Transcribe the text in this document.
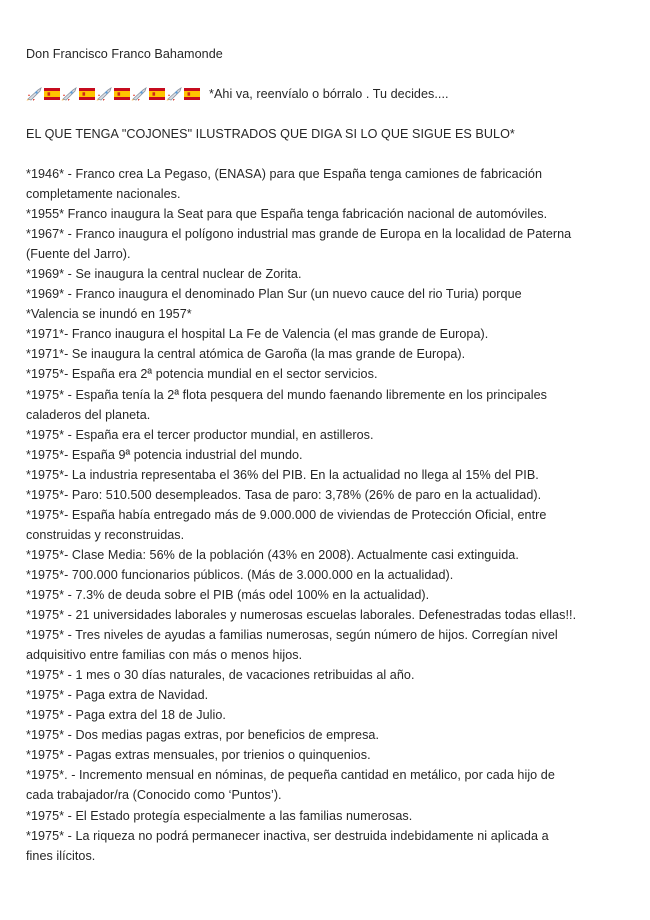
Don Francisco Franco Bahamonde
*Ahi va, reenvíalo o bórralo . Tu decides....
EL QUE TENGA "COJONES" ILUSTRADOS QUE DIGA SI LO QUE SIGUE ES BULO*
*1946* - Franco crea La Pegaso, (ENASA) para que España tenga camiones de fabricación
completamente nacionales.
*1955* Franco inaugura la Seat para que España tenga fabricación nacional de automóviles.
*1967* - Franco inaugura el polígono industrial mas grande de Europa en la localidad de Paterna
(Fuente del Jarro).
*1969* - Se inaugura la central nuclear de Zorita.
*1969* - Franco inaugura el denominado Plan Sur (un nuevo cauce del rio Turia) porque
*Valencia se inundó en 1957*
*1971*- Franco inaugura el hospital La Fe de Valencia (el mas grande de Europa).
*1971*- Se inaugura la central atómica de Garoña (la mas grande de Europa).
*1975*- España era 2ª potencia mundial en el sector servicios.
*1975* - España tenía la 2ª flota pesquera del mundo faenando libremente en los principales
caladeros del planeta.
*1975* - España era el tercer productor mundial, en astilleros.
*1975*- España 9ª potencia industrial del mundo.
*1975*- La industria representaba el 36% del PIB. En la actualidad no llega al 15% del PIB.
*1975*- Paro: 510.500 desempleados. Tasa de paro: 3,78% (26% de paro en la actualidad).
*1975*- España había entregado más de 9.000.000 de viviendas de Protección Oficial, entre
construidas y reconstruidas.
*1975*- Clase Media: 56% de la población (43% en 2008). Actualmente casi extinguida.
*1975*- 700.000 funcionarios públicos. (Más de 3.000.000 en la actualidad).
*1975* - 7.3% de deuda sobre el PIB (más odel 100% en la actualidad).
*1975* - 21 universidades laborales y numerosas escuelas laborales. Defenestradas todas ellas!!.
*1975* - Tres niveles de ayudas a familias numerosas, según número de hijos. Corregían nivel
adquisitivo entre familias con más o menos hijos.
*1975* - 1 mes o 30 días naturales, de vacaciones retribuidas al año.
*1975* - Paga extra de Navidad.
*1975* - Paga extra del 18 de Julio.
*1975* - Dos medias pagas extras, por beneficios de empresa.
*1975* - Pagas extras mensuales, por trienios o quinquenios.
*1975*. - Incremento mensual en nóminas, de pequeña cantidad en metálico, por cada hijo de
cada trabajador/ra (Conocido como ‘Puntos’).
*1975* - El Estado protegía especialmente a las familias numerosas.
*1975* - La riqueza no podrá permanecer inactiva, ser destruida indebidamente ni aplicada a
fines ilícitos.
